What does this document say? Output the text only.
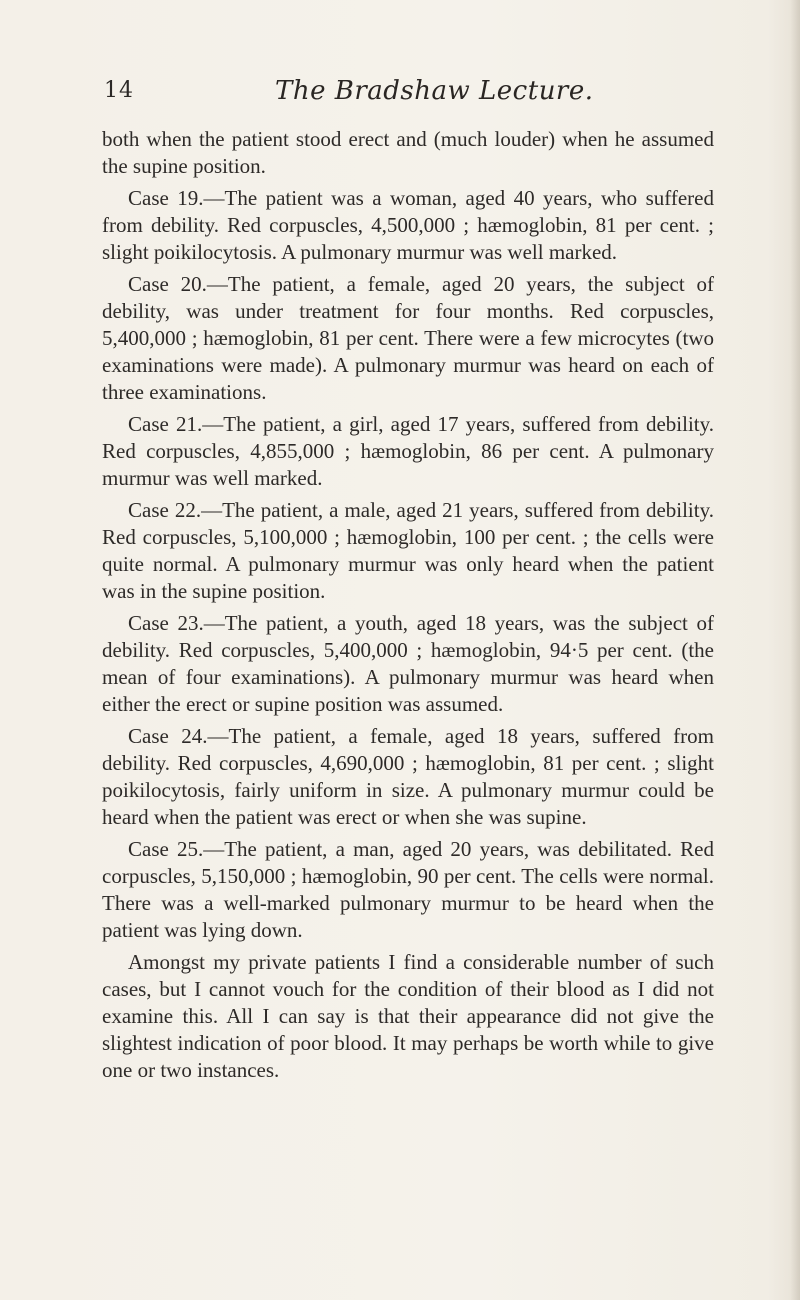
14	The Bradshaw Lecture.

both when the patient stood erect and (much louder) when he assumed the supine position.

Case 19.—The patient was a woman, aged 40 years, who suffered from debility. Red corpuscles, 4,500,000 ; hæmoglobin, 81 per cent. ; slight poikilocytosis. A pulmonary murmur was well marked.

Case 20.—The patient, a female, aged 20 years, the subject of debility, was under treatment for four months. Red corpuscles, 5,400,000 ; hæmoglobin, 81 per cent. There were a few microcytes (two examinations were made). A pulmonary murmur was heard on each of three examinations.

Case 21.—The patient, a girl, aged 17 years, suffered from debility. Red corpuscles, 4,855,000 ; hæmoglobin, 86 per cent. A pulmonary murmur was well marked.

Case 22.—The patient, a male, aged 21 years, suffered from debility. Red corpuscles, 5,100,000 ; hæmoglobin, 100 per cent. ; the cells were quite normal. A pulmonary murmur was only heard when the patient was in the supine position.

Case 23.—The patient, a youth, aged 18 years, was the subject of debility. Red corpuscles, 5,400,000 ; hæmoglobin, 94·5 per cent. (the mean of four examinations). A pulmonary murmur was heard when either the erect or supine position was assumed.

Case 24.—The patient, a female, aged 18 years, suffered from debility. Red corpuscles, 4,690,000 ; hæmoglobin, 81 per cent. ; slight poikilocytosis, fairly uniform in size. A pulmonary murmur could be heard when the patient was erect or when she was supine.

Case 25.—The patient, a man, aged 20 years, was debilitated. Red corpuscles, 5,150,000 ; hæmoglobin, 90 per cent. The cells were normal. There was a well-marked pulmonary murmur to be heard when the patient was lying down.

Amongst my private patients I find a considerable number of such cases, but I cannot vouch for the condition of their blood as I did not examine this. All I can say is that their appearance did not give the slightest indication of poor blood. It may perhaps be worth while to give one or two instances.
